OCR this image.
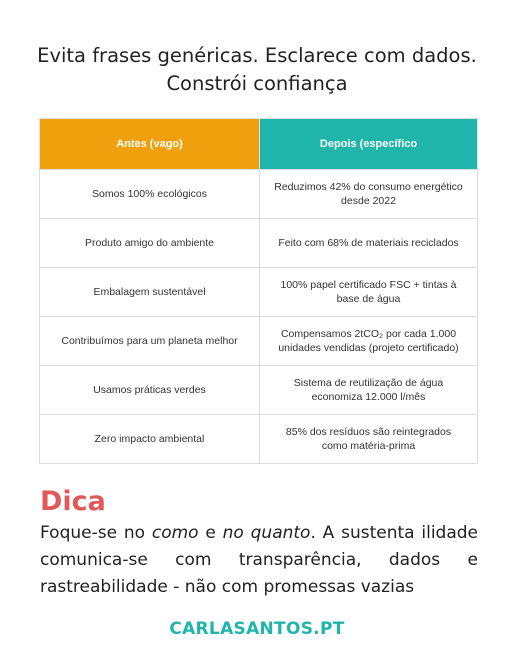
Evita frases genéricas. Esclarece com dados.
Constrói confiança
Antes (vago)	Depois (específico
Somos 100% ecológicos	Reduzimos 42% do consumo energético desde 2022
Produto amigo do ambiente	Feito com 68% de materiais reciclados
Embalagem sustentável	100% papel certificado FSC + tintas à base de água
Contribuímos para um planeta melhor	Compensamos 2tCO₂ por cada 1.000 unidades vendidas (projeto certificado)
Usamos práticas verdes	Sistema de reutilização de água economiza 12.000 l/mês
Zero impacto ambiental	85% dos resíduos são reintegrados como matéria-prima
Dica
Foque-se no como e no quanto. A sustenta ilidade comunica-se com transparência, dados e rastreabilidade - não com promessas vazias
CARLASANTOS.PT
